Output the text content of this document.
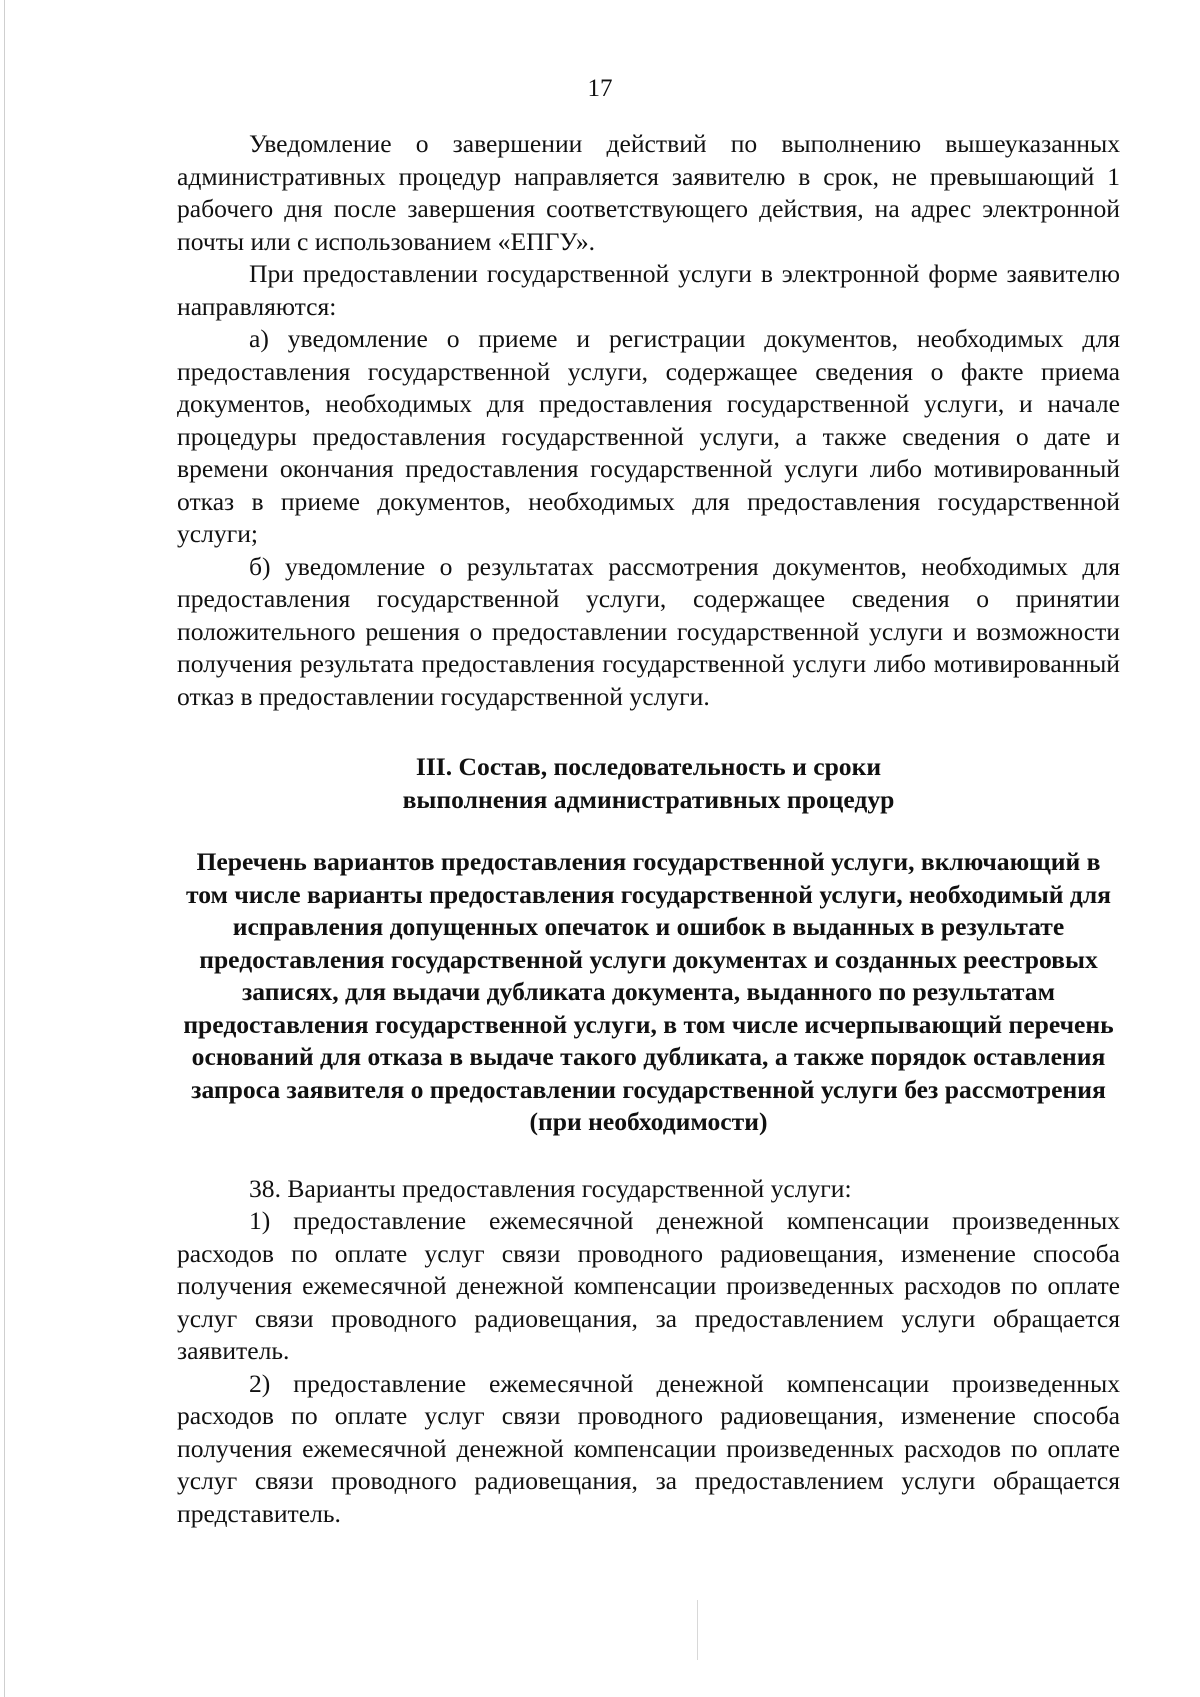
17

Уведомление о завершении действий по выполнению вышеуказанных административных процедур направляется заявителю в срок, не превышающий 1 рабочего дня после завершения соответствующего действия, на адрес электронной почты или с использованием «ЕПГУ».

При предоставлении государственной услуги в электронной форме заявителю направляются:

а) уведомление о приеме и регистрации документов, необходимых для предоставления государственной услуги, содержащее сведения о факте приема документов, необходимых для предоставления государственной услуги, и начале процедуры предоставления государственной услуги, а также сведения о дате и времени окончания предоставления государственной услуги либо мотивированный отказ в приеме документов, необходимых для предоставления государственной услуги;

б) уведомление о результатах рассмотрения документов, необходимых для предоставления государственной услуги, содержащее сведения о принятии положительного решения о предоставлении государственной услуги и возможности получения результата предоставления государственной услуги либо мотивированный отказ в предоставлении государственной услуги.

III. Состав, последовательность и сроки
выполнения административных процедур
Перечень вариантов предоставления государственной услуги, включающий в том числе варианты предоставления государственной услуги, необходимый для исправления допущенных опечаток и ошибок в выданных в результате предоставления государственной услуги документах и созданных реестровых записях, для выдачи дубликата документа, выданного по результатам предоставления государственной услуги, в том числе исчерпывающий перечень оснований для отказа в выдаче такого дубликата, а также порядок оставления запроса заявителя о предоставлении государственной услуги без рассмотрения (при необходимости)

38. Варианты предоставления государственной услуги:

1) предоставление ежемесячной денежной компенсации произведенных расходов по оплате услуг связи проводного радиовещания, изменение способа получения ежемесячной денежной компенсации произведенных расходов по оплате услуг связи проводного радиовещания, за предоставлением услуги обращается заявитель.

2) предоставление ежемесячной денежной компенсации произведенных расходов по оплате услуг связи проводного радиовещания, изменение способа получения ежемесячной денежной компенсации произведенных расходов по оплате услуг связи проводного радиовещания, за предоставлением услуги обращается представитель.
